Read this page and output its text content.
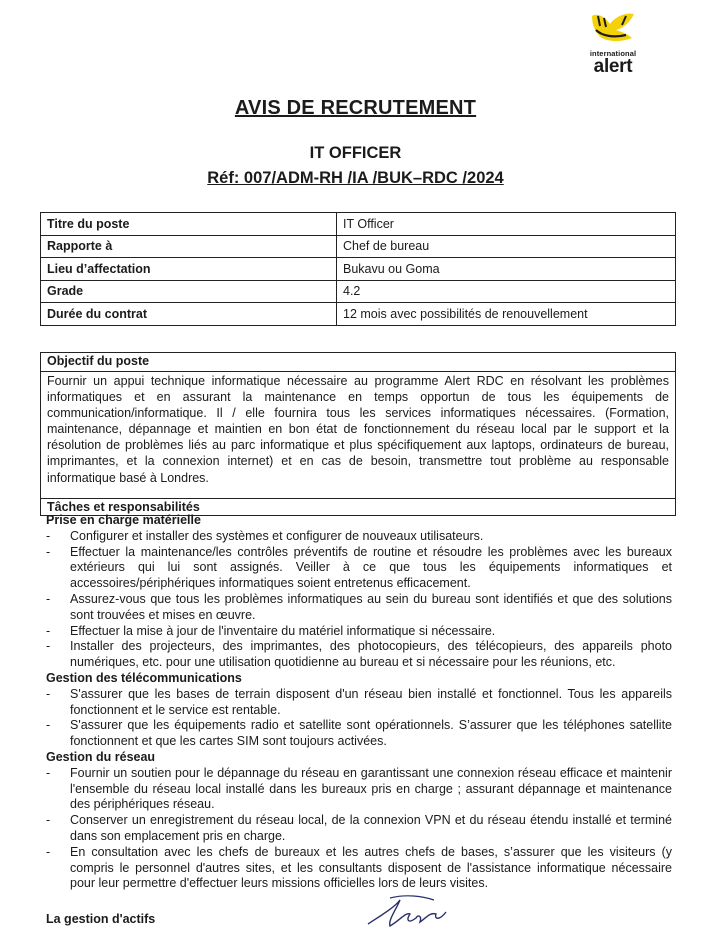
international
alert
AVIS DE RECRUTEMENT
IT OFFICER
Réf: 007/ADM-RH /IA /BUK–RDC /2024
Titre du poste	IT Officer
Rapporte à	Chef de bureau
Lieu d’affectation	Bukavu ou Goma
Grade	4.2
Durée du contrat	12 mois avec possibilités de renouvellement
Objectif du poste

Fournir un appui technique informatique nécessaire au programme Alert RDC en résolvant les problèmes informatiques et en assurant la maintenance en temps opportun de tous les équipements de communication/informatique. Il / elle fournira tous les services informatiques nécessaires. (Formation, maintenance, dépannage et maintien en bon état de fonctionnement du réseau local par le support et la résolution de problèmes liés au parc informatique et plus spécifiquement aux laptops, ordinateurs de bureau, imprimantes, et la connexion internet) et en cas de besoin, transmettre tout problème au responsable informatique basé à Londres.

Tâches et responsabilités
Prise en charge matérielle
- Configurer et installer des systèmes et configurer de nouveaux utilisateurs.
- Effectuer la maintenance/les contrôles préventifs de routine et résoudre les problèmes avec les bureaux extérieurs qui lui sont assignés. Veiller à ce que tous les équipements informatiques et accessoires/périphériques informatiques soient entretenus efficacement.
- Assurez-vous que tous les problèmes informatiques au sein du bureau sont identifiés et que des solutions sont trouvées et mises en œuvre.
- Effectuer la mise à jour de l'inventaire du matériel informatique si nécessaire.
- Installer des projecteurs, des imprimantes, des photocopieurs, des télécopieurs, des appareils photo numériques, etc. pour une utilisation quotidienne au bureau et si nécessaire pour les réunions, etc.
Gestion des télécommunications
- S'assurer que les bases de terrain disposent d'un réseau bien installé et fonctionnel. Tous les appareils fonctionnent et le service est rentable.
- S'assurer que les équipements radio et satellite sont opérationnels. S’assurer que les téléphones satellite fonctionnent et que les cartes SIM sont toujours activées.
Gestion du réseau
- Fournir un soutien pour le dépannage du réseau en garantissant une connexion réseau efficace et maintenir l'ensemble du réseau local installé dans les bureaux pris en charge ; assurant dépannage et maintenance des périphériques réseau.
- Conserver un enregistrement du réseau local, de la connexion VPN et du réseau étendu installé et terminé dans son emplacement pris en charge.
- En consultation avec les chefs de bureaux et les autres chefs de bases, s’assurer que les visiteurs (y compris le personnel d'autres sites, et les consultants disposent de l'assistance informatique nécessaire pour leur permettre d'effectuer leurs missions officielles lors de leurs visites.
La gestion d'actifs
